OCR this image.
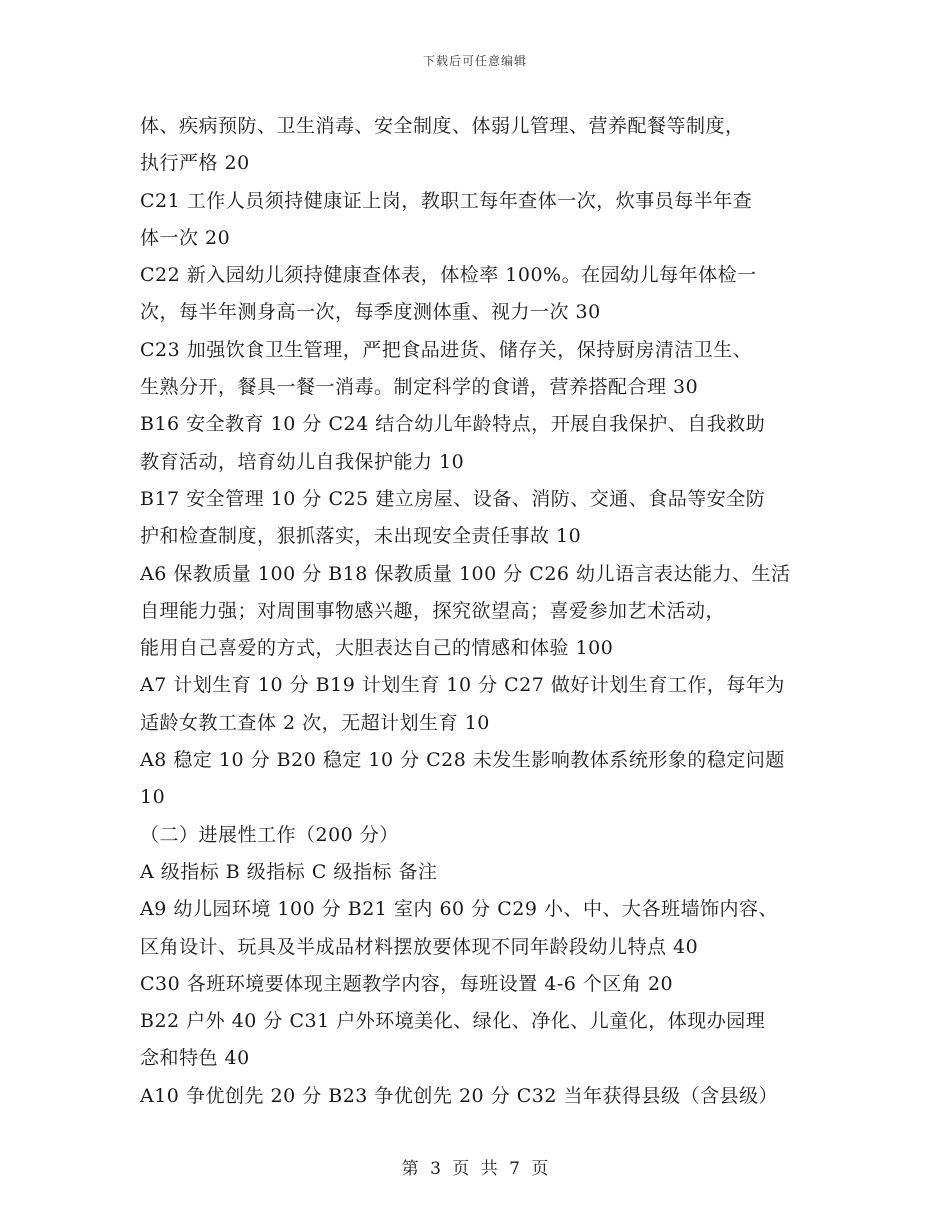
下载后可任意编辑
体、疾病预防、卫生消毒、安全制度、体弱儿管理、营养配餐等制度，
执行严格 20
C21 工作人员须持健康证上岗，教职工每年查体一次，炊事员每半年查
体一次 20
C22 新入园幼儿须持健康查体表，体检率 100%。在园幼儿每年体检一
次，每半年测身高一次，每季度测体重、视力一次 30
C23 加强饮食卫生管理，严把食品进货、储存关，保持厨房清洁卫生、
生熟分开，餐具一餐一消毒。制定科学的食谱，营养搭配合理 30
B16 安全教育 10 分 C24 结合幼儿年龄特点，开展自我保护、自我救助
教育活动，培育幼儿自我保护能力 10
B17 安全管理 10 分 C25 建立房屋、设备、消防、交通、食品等安全防
护和检查制度，狠抓落实，未出现安全责任事故 10
A6 保教质量 100 分 B18 保教质量 100 分 C26 幼儿语言表达能力、生活
自理能力强；对周围事物感兴趣，探究欲望高；喜爱参加艺术活动，
能用自己喜爱的方式，大胆表达自己的情感和体验 100
A7 计划生育 10 分 B19 计划生育 10 分 C27 做好计划生育工作，每年为
适龄女教工查体 2 次，无超计划生育 10
A8 稳定 10 分 B20 稳定 10 分 C28 未发生影响教体系统形象的稳定问题
10
（二）进展性工作（200 分）
A 级指标 B 级指标 C 级指标 备注
A9 幼儿园环境 100 分 B21 室内 60 分 C29 小、中、大各班墙饰内容、
区角设计、玩具及半成品材料摆放要体现不同年龄段幼儿特点 40
C30 各班环境要体现主题教学内容，每班设置 4-6 个区角 20
B22 户外 40 分 C31 户外环境美化、绿化、净化、儿童化，体现办园理
念和特色 40
A10 争优创先 20 分 B23 争优创先 20 分 C32 当年获得县级（含县级）
第 3 页 共 7 页
